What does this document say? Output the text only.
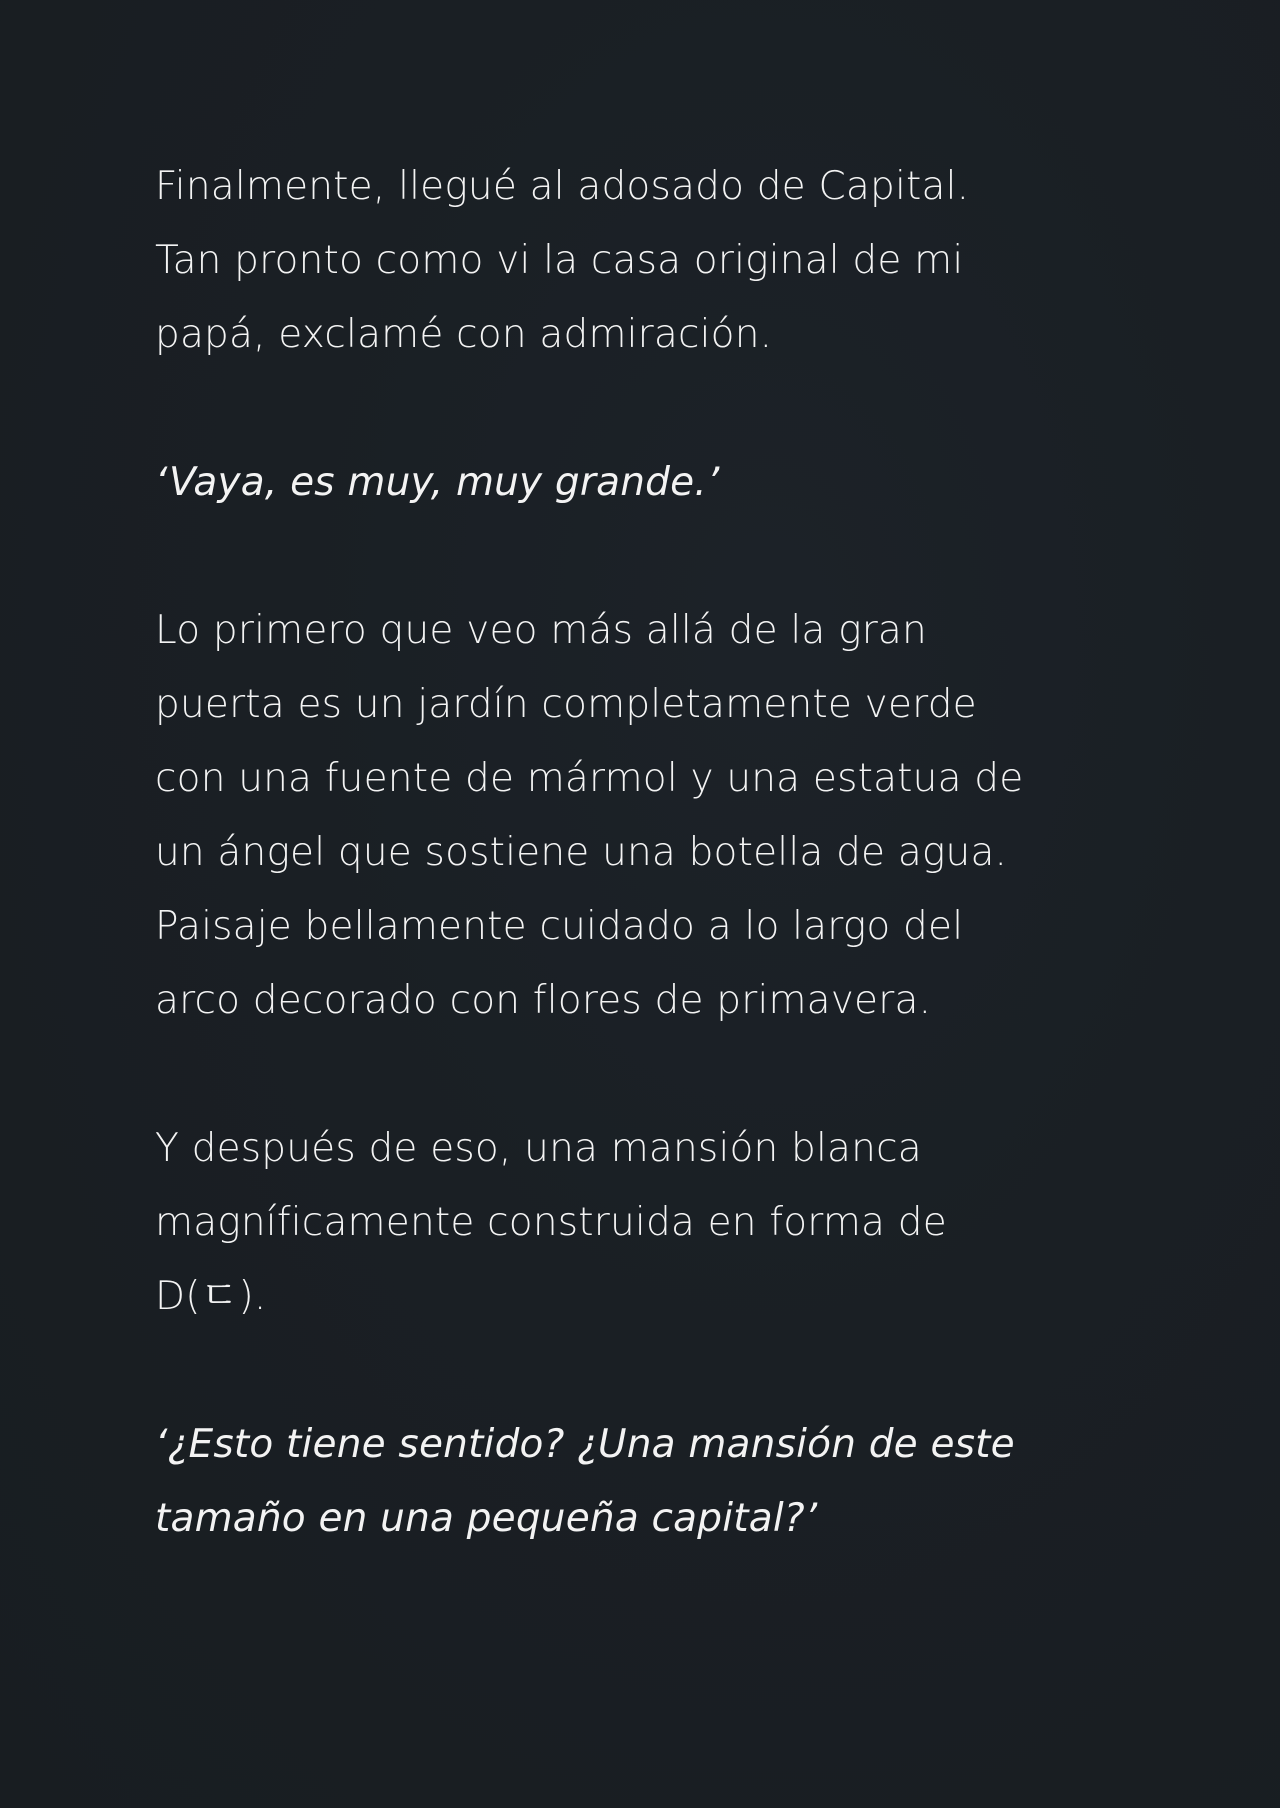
Finalmente, llegué al adosado de Capital.
Tan pronto como vi la casa original de mi
papá, exclamé con admiración.

‘Vaya, es muy, muy grande.’

Lo primero que veo más allá de la gran
puerta es un jardín completamente verde
con una fuente de mármol y una estatua de
un ángel que sostiene una botella de agua.
Paisaje bellamente cuidado a lo largo del
arco decorado con flores de primavera.

Y después de eso, una mansión blanca
magníficamente construida en forma de
D(ㄷ).

‘¿Esto tiene sentido? ¿Una mansión de este
tamaño en una pequeña capital?’
